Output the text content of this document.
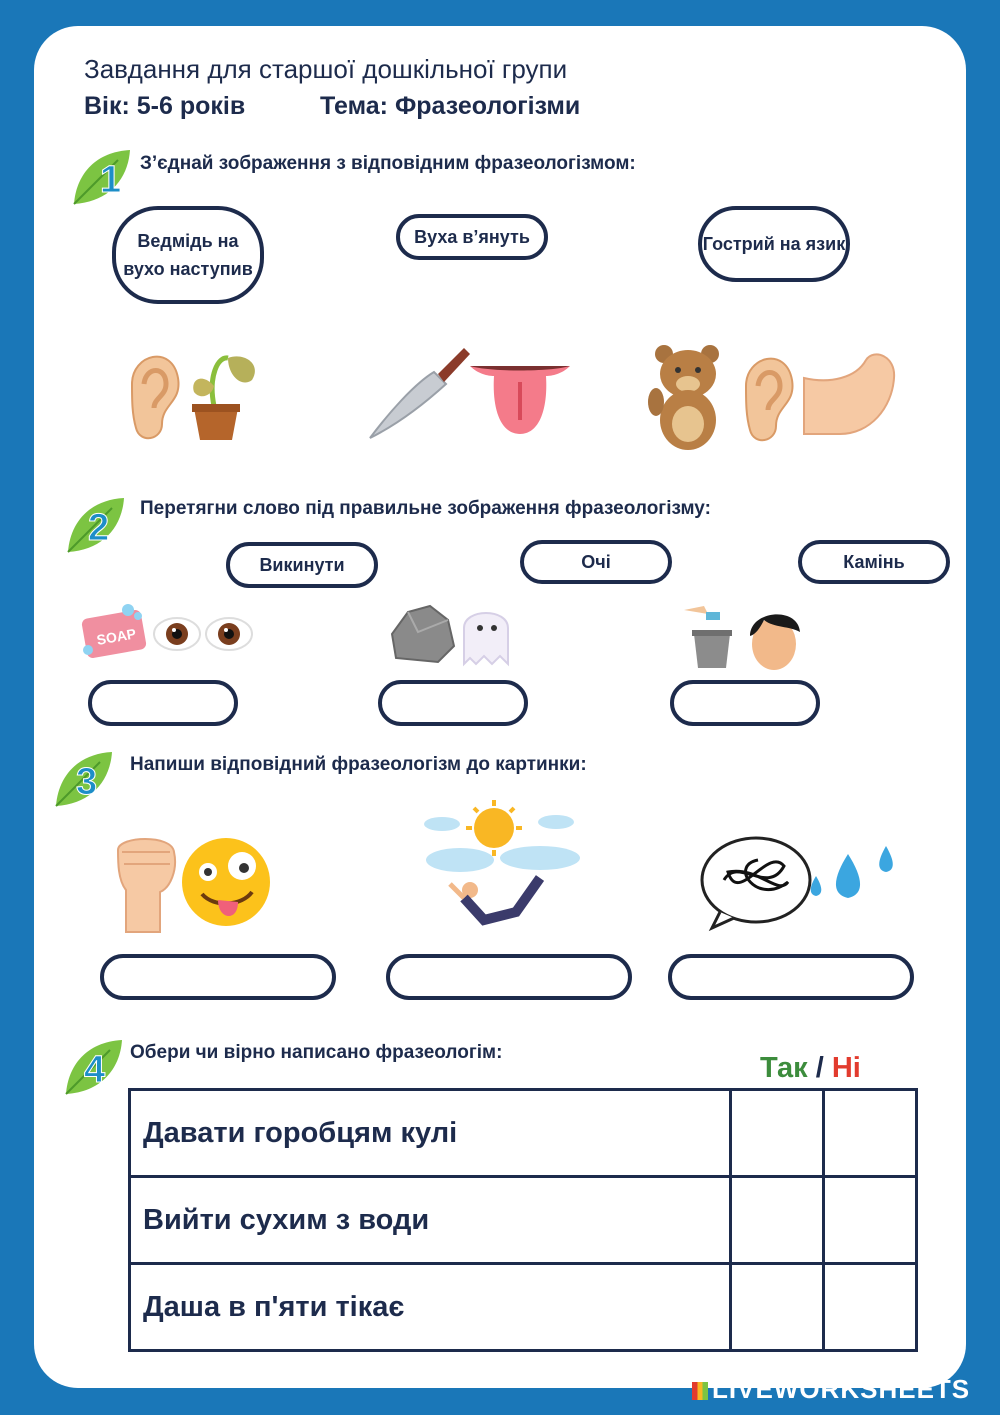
Завдання для старшої дошкільної групи
Вік: 5-6 років	Тема: Фразеологізми
1 З’єднай зображення з відповідним фразеологізмом:
Ведмідь на вухо наступив
Вуха в’януть	Гострий на язик
2 Перетягни слово під правильне зображення фразеологізму:
Викинути	Очі	Камінь
SOAP
3 Напиши відповідний фразеологізм до картинки:
4 Обери чи вірно написано фразеологім:	Так / Ні
Давати горобцям кулі		
Вийти сухим з води		
Даша в п'яти тікає		
LIVEWORKSHEETS
